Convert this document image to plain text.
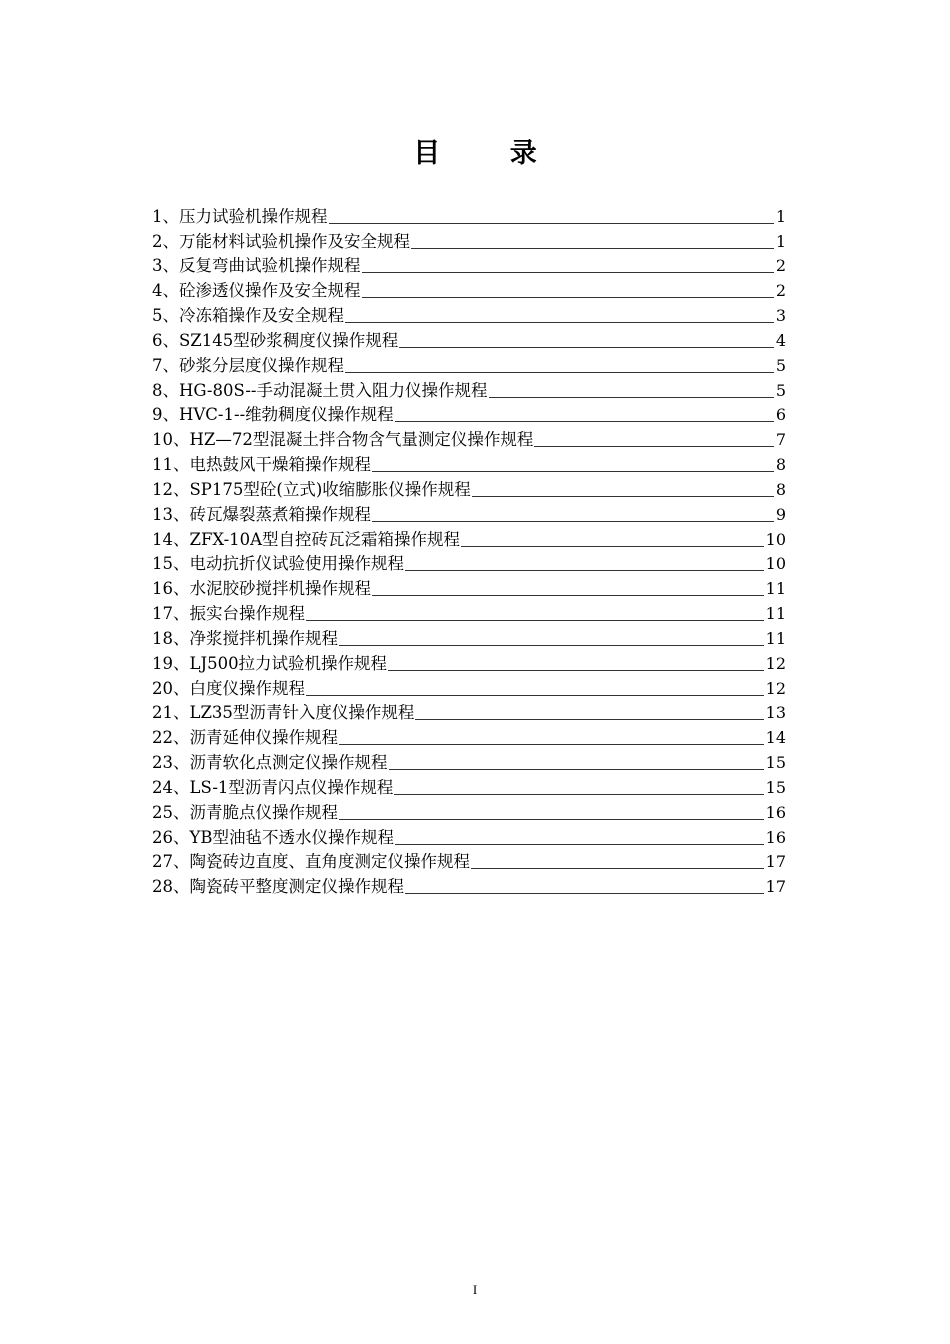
目 录
1、压力试验机操作规程	1
2、万能材料试验机操作及安全规程	1
3、反复弯曲试验机操作规程	2
4、砼渗透仪操作及安全规程	2
5、冷冻箱操作及安全规程	3
6、SZ145型砂浆稠度仪操作规程	4
7、砂浆分层度仪操作规程	5
8、HG-80S--手动混凝土贯入阻力仪操作规程	5
9、HVC-1--维勃稠度仪操作规程	6
10、HZ—72型混凝土拌合物含气量测定仪操作规程	7
11、电热鼓风干燥箱操作规程	8
12、SP175型砼(立式)收缩膨胀仪操作规程	8
13、砖瓦爆裂蒸煮箱操作规程	9
14、ZFX-10A型自控砖瓦泛霜箱操作规程	10
15、电动抗折仪试验使用操作规程	10
16、水泥胶砂搅拌机操作规程	11
17、振实台操作规程	11
18、净浆搅拌机操作规程	11
19、LJ500拉力试验机操作规程	12
20、白度仪操作规程	12
21、LZ35型沥青针入度仪操作规程	13
22、沥青延伸仪操作规程	14
23、沥青软化点测定仪操作规程	15
24、LS-1型沥青闪点仪操作规程	15
25、沥青脆点仪操作规程	16
26、YB型油毡不透水仪操作规程	16
27、陶瓷砖边直度、直角度测定仪操作规程	17
28、陶瓷砖平整度测定仪操作规程	17
I
